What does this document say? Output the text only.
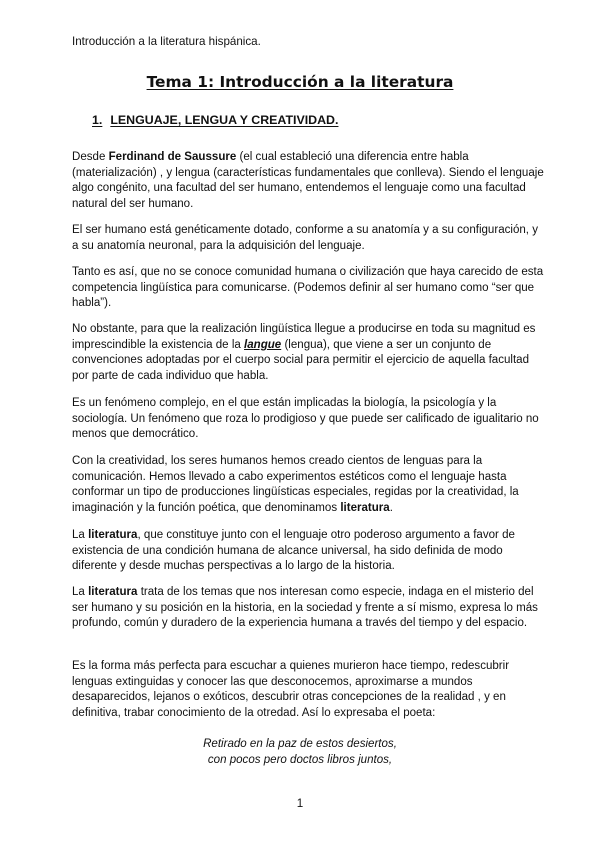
Introducción a la literatura hispánica.
Tema 1: Introducción a la literatura
1. LENGUAJE, LENGUA Y CREATIVIDAD.

Desde Ferdinand de Saussure (el cual estableció una diferencia entre habla
(materialización) , y lengua (características fundamentales que conlleva). Siendo el lenguaje
algo congénito, una facultad del ser humano, entendemos el lenguaje como una facultad
natural del ser humano.

El ser humano está genéticamente dotado, conforme a su anatomía y a su configuración, y
a su anatomía neuronal, para la adquisición del lenguaje.

Tanto es así, que no se conoce comunidad humana o civilización que haya carecido de esta
competencia lingüística para comunicarse. (Podemos definir al ser humano como “ser que
habla”).

No obstante, para que la realización lingüística llegue a producirse en toda su magnitud es
imprescindible la existencia de la langue (lengua), que viene a ser un conjunto de
convenciones adoptadas por el cuerpo social para permitir el ejercicio de aquella facultad
por parte de cada individuo que habla.

Es un fenómeno complejo, en el que están implicadas la biología, la psicología y la
sociología. Un fenómeno que roza lo prodigioso y que puede ser calificado de igualitario no
menos que democrático.

Con la creatividad, los seres humanos hemos creado cientos de lenguas para la
comunicación. Hemos llevado a cabo experimentos estéticos como el lenguaje hasta
conformar un tipo de producciones lingüísticas especiales, regidas por la creatividad, la
imaginación y la función poética, que denominamos literatura.

La literatura, que constituye junto con el lenguaje otro poderoso argumento a favor de
existencia de una condición humana de alcance universal, ha sido definida de modo
diferente y desde muchas perspectivas a lo largo de la historia.

La literatura trata de los temas que nos interesan como especie, indaga en el misterio del
ser humano y su posición en la historia, en la sociedad y frente a sí mismo, expresa lo más
profundo, común y duradero de la experiencia humana a través del tiempo y del espacio.

Es la forma más perfecta para escuchar a quienes murieron hace tiempo, redescubrir
lenguas extinguidas y conocer las que desconocemos, aproximarse a mundos
desaparecidos, lejanos o exóticos, descubrir otras concepciones de la realidad , y en
definitiva, trabar conocimiento de la otredad. Así lo expresaba el poeta:

Retirado en la paz de estos desiertos,
con pocos pero doctos libros juntos,
1
